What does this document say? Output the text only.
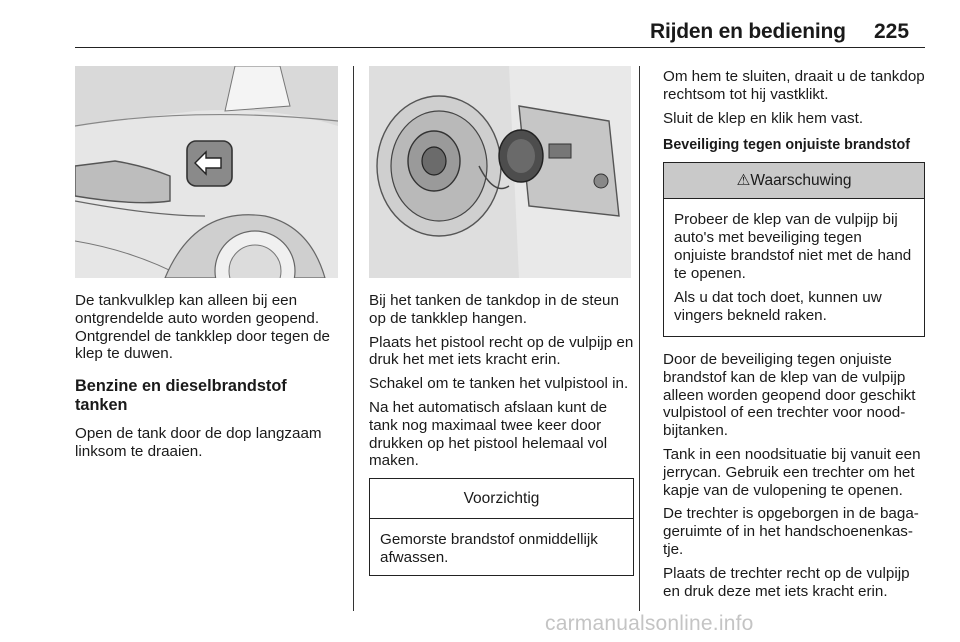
Rijden en bediening 225

De tankvulklep kan alleen bij een ontgrendelde auto worden geopend. Ontgrendel de tankklep door tegen de klep te duwen.

Benzine en dieselbrandstof tanken

Open de tank door de dop langzaam linksom te draaien.

Bij het tanken de tankdop in de steun op de tankklep hangen.

Plaats het pistool recht op de vulpijp en druk het met iets kracht erin.

Schakel om te tanken het vulpistool in.

Na het automatisch afslaan kunt de tank nog maximaal twee keer door drukken op het pistool helemaal vol maken.

Voorzichtig
Gemorste brandstof onmiddellijk afwassen.

Om hem te sluiten, draait u de tankdop rechtsom tot hij vastklikt.

Sluit de klep en klik hem vast.

Beveiliging tegen onjuiste brandstof
⚠Waarschuwing

Probeer de klep van de vulpijp bij auto's met beveiliging tegen onjuiste brandstof niet met de hand te openen.

Als u dat toch doet, kunnen uw vingers bekneld raken.

Door de beveiliging tegen onjuiste brandstof kan de klep van de vulpijp alleen worden geopend door geschikt vulpistool of een trechter voor noodbijtanken.

Tank in een noodsituatie bij vanuit een jerrycan. Gebruik een trechter om het kapje van de vulopening te openen.

De trechter is opgeborgen in de bagageruimte of in het handschoenenkastje.

Plaats de trechter recht op de vulpijp en druk deze met iets kracht erin.

carmanualsonline.info
